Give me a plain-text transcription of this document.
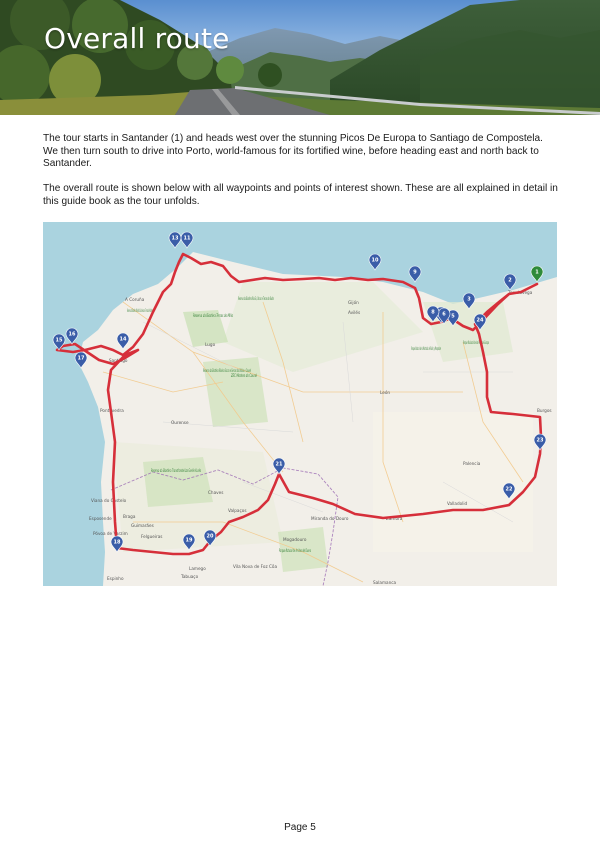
Overall route

The tour starts in Santander (1) and heads west over the stunning Picos De Europa to Santiago de Compostela. We then turn south to drive into Porto, world-famous for its fortified wine, before heading east and north back to Santander.

The overall route is shown below with all waypoints and points of interest shown. These are all explained in detail in this guide book as the tour unfolds.

A Coruña
Lugo
Ourense
Pontevedra
Braga
Chaves
Valpaços
León
Palencia
Valladolid
Zamora
Salamanca
Mogadouro
Lamego
Viana do Castelo
Esposende
Guimarães
Felgueiras
Miranda do Douro
Espinho	Tabuaço
Vila Nova de Foz Côa
Póvoa de Varzim
Burgos
Gijón
Avilés
Torrelavega
Santiago
Reserva da Biosfera Terras do Miño
Reserva da Biosfera Ribeira Sacra e Serras do Oribio e Courel
Reserva da Biosfera Transfronteiriza Gerês-Xurés
Reserva da Biosfera Río Eo, Oscos e Terras de Burón
Parque Nacional de los Picos de Europa
Parque Natural de la Montaña de Riaño y Mampodre
Parque Natural de Arribes del Duero
ZEC Montes do Courel
Reserva da Biosfera Mariñas Coruñesas e Terras do Mandeo
1
2
3
5
6
8
9
10
11
13
14
15
16
17
18	19
20
21
22
23
24
Page 5
